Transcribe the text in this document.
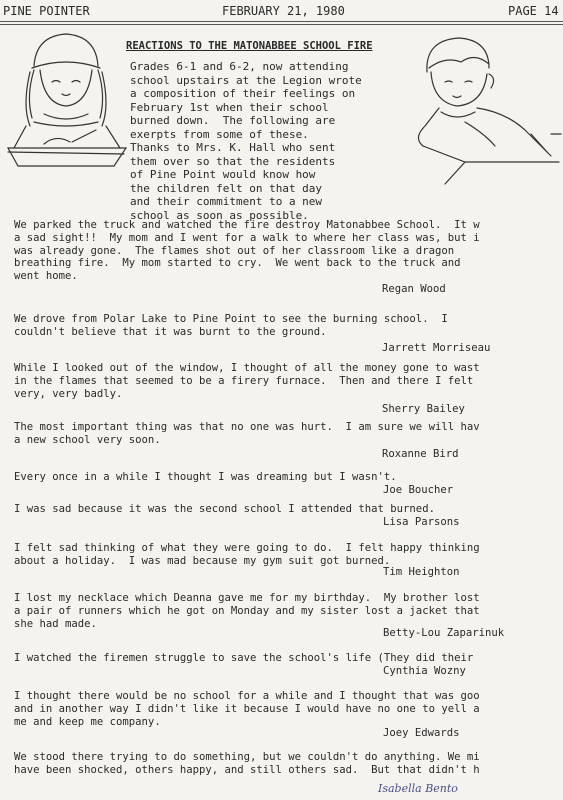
PINE POINTER	FEBRUARY 21, 1980	PAGE 14
REACTIONS TO THE MATONABBEE SCHOOL FIRE
Grades 6-1 and 6-2, now attending
school upstairs at the Legion wrote
a composition of their feelings on
February 1st when their school
burned down.  The following are
exerpts from some of these.
Thanks to Mrs. K. Hall who sent
them over so that the residents
of Pine Point would know how
the children felt on that day
and their commitment to a new
school as soon as possible.
We parked the truck and watched the fire destroy Matonabbee School.  It w
a sad sight!!  My mom and I went for a walk to where her class was, but i
was already gone.  The flames shot out of her classroom like a dragon
breathing fire.  My mom started to cry.  We went back to the truck and
went home.
Regan Wood
We drove from Polar Lake to Pine Point to see the burning school.  I
couldn't believe that it was burnt to the ground.
Jarrett Morriseau
While I looked out of the window, I thought of all the money gone to wast
in the flames that seemed to be a firery furnace.  Then and there I felt
very, very badly.
Sherry Bailey
The most important thing was that no one was hurt.  I am sure we will hav
a new school very soon.
Roxanne Bird
Every once in a while I thought I was dreaming but I wasn't.
Joe Boucher
I was sad because it was the second school I attended that burned.
Lisa Parsons
I felt sad thinking of what they were going to do.  I felt happy thinking
about a holiday.  I was mad because my gym suit got burned.
Tim Heighton
I lost my necklace which Deanna gave me for my birthday.  My brother lost
a pair of runners which he got on Monday and my sister lost a jacket that
she had made.
Betty-Lou Zaparinuk
I watched the firemen struggle to save the school's life (They did their
Cynthia Wozny
I thought there would be no school for a while and I thought that was goo
and in another way I didn't like it because I would have no one to yell a
me and keep me company.
Joey Edwards
We stood there trying to do something, but we couldn't do anything. We mi
have been shocked, others happy, and still others sad.  But that didn't h
Isabella Bento
